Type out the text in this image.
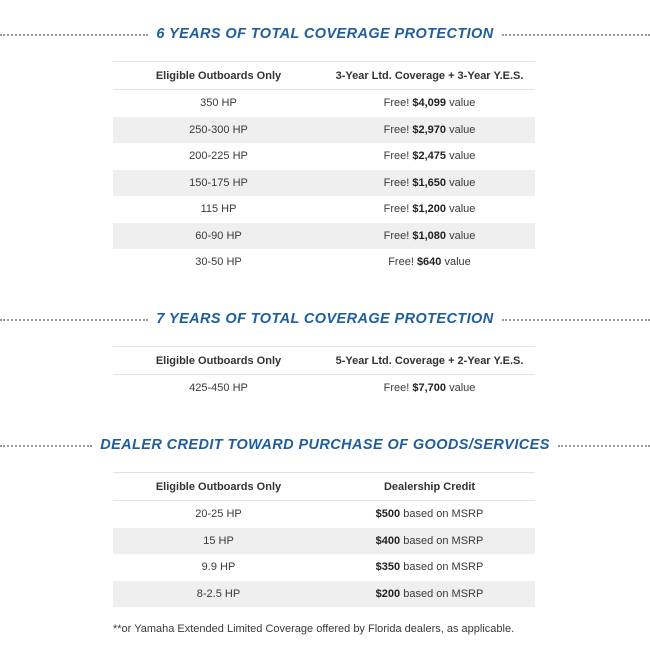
6 YEARS OF TOTAL COVERAGE PROTECTION
Eligible Outboards Only	3-Year Ltd. Coverage + 3-Year Y.E.S.
350 HP	Free! $4,099 value
250-300 HP	Free! $2,970 value
200-225 HP	Free! $2,475 value
150-175 HP	Free! $1,650 value
115 HP	Free! $1,200 value
60-90 HP	Free! $1,080 value
30-50 HP	Free! $640 value
7 YEARS OF TOTAL COVERAGE PROTECTION
Eligible Outboards Only	5-Year Ltd. Coverage + 2-Year Y.E.S.
425-450 HP	Free! $7,700 value
DEALER CREDIT TOWARD PURCHASE OF GOODS/SERVICES
Eligible Outboards Only	Dealership Credit
20-25 HP	$500 based on MSRP
15 HP	$400 based on MSRP
9.9 HP	$350 based on MSRP
8-2.5 HP	$200 based on MSRP
**or Yamaha Extended Limited Coverage offered by Florida dealers, as applicable.
